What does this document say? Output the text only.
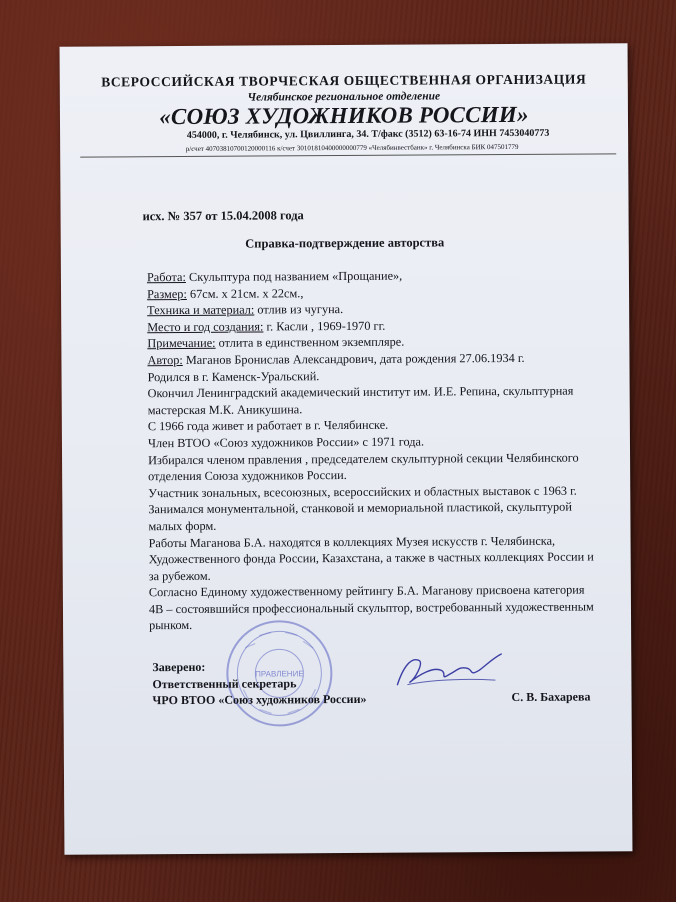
ВСЕРОССИЙСКАЯ ТВОРЧЕСКАЯ ОБЩЕСТВЕННАЯ ОРГАНИЗАЦИЯ
Челябинское региональное отделение
«СОЮЗ ХУДОЖНИКОВ РОССИИ»
454000, г. Челябинск, ул. Цвиллинга, 34. Т/факс (3512) 63-16-74 ИНН 7453040773
р/счет 40703810700120000116 к/счет 30101810400000000779 «Челябинвестбанк» г. Челябинска БИК 047501779
исх. № 357 от 15.04.2008 года
Справка-подтверждение авторства

Работа: Скульптура под названием «Прощание»,

Размер: 67см. х 21см. х 22см.,

Техника и материал: отлив из чугуна.

Место и год создания: г. Касли , 1969-1970 гг.

Примечание: отлита в единственном экземпляре.

Автор: Маганов Бронислав Александрович, дата рождения 27.06.1934 г.

Родился в г. Каменск-Уральский.

Окончил Ленинградский академический институт им. И.Е. Репина, скульптурная мастерская М.К. Аникушина.

С 1966 года живет и работает в г. Челябинске.

Член ВТОО «Союз художников России» с 1971 года.

Избирался членом правления , председателем скульптурной секции Челябинского отделения Союза художников России.

Участник зональных, всесоюзных, всероссийских и областных выставок с 1963 г.

Занимался монументальной, станковой и мемориальной пластикой, скульптурой малых форм.

Работы Маганова Б.А. находятся в коллекциях Музея искусств г. Челябинска, Художественного фонда России, Казахстана, а также в частных коллекциях России и за рубежом.

Согласно Единому художественному рейтингу Б.А. Маганову присвоена категория 4В – состоявшийся профессиональный скульптор, востребованный художественным рынком.

ПРАВЛЕНИЕ
Заверено:
Ответственный секретарь
ЧРО ВТОО «Союз художников России»	С. В. Бахарева
